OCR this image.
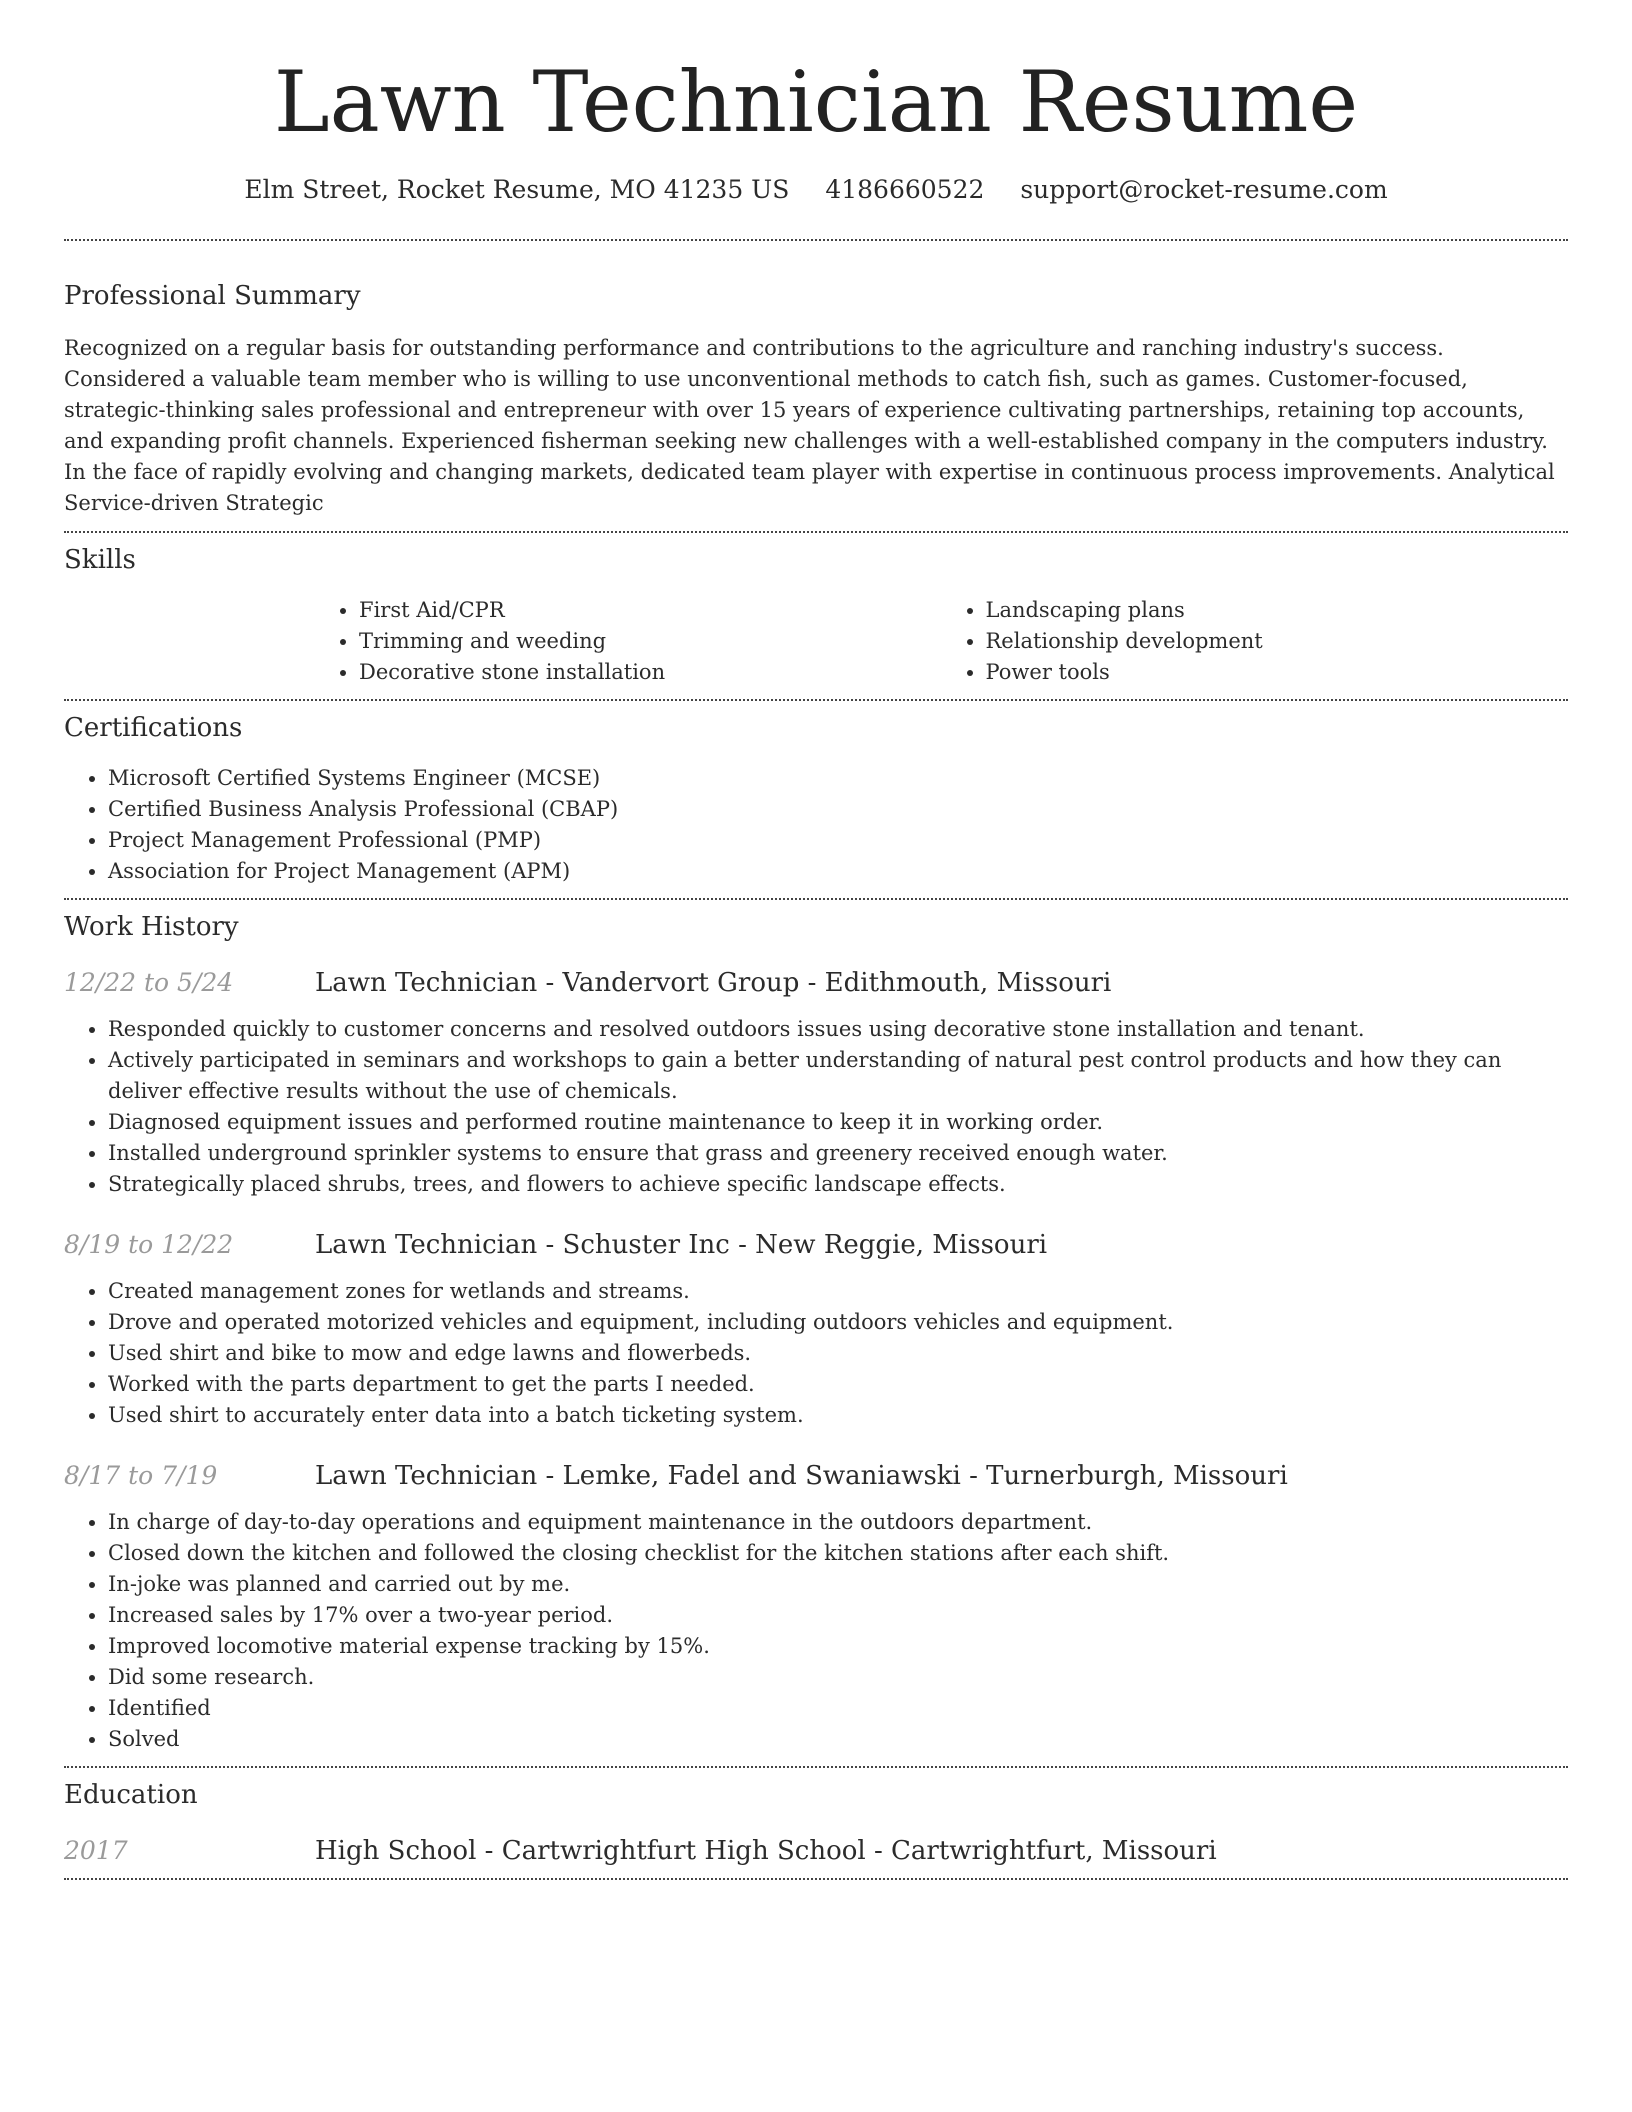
Lawn Technician Resume
Elm Street, Rocket Resume, MO 41235 US 4186660522 support@rocket-resume.com
Professional Summary

Recognized on a regular basis for outstanding performance and contributions to the agriculture and ranching industry's success. Considered a valuable team member who is willing to use unconventional methods to catch fish, such as games. Customer-focused, strategic-thinking sales professional and entrepreneur with over 15 years of experience cultivating partnerships, retaining top accounts, and expanding profit channels. Experienced fisherman seeking new challenges with a well-established company in the computers industry. In the face of rapidly evolving and changing markets, dedicated team player with expertise in continuous process improvements. Analytical Service-driven Strategic

Skills
• First Aid/CPR
• Trimming and weeding
• Decorative stone installation
• Landscaping plans
• Relationship development
• Power tools
Certifications
• Microsoft Certified Systems Engineer (MCSE)
• Certified Business Analysis Professional (CBAP)
• Project Management Professional (PMP)
• Association for Project Management (APM)
Work History
12/22 to 5/24	Lawn Technician - Vandervort Group - Edithmouth, Missouri
• Responded quickly to customer concerns and resolved outdoors issues using decorative stone installation and tenant.
• Actively participated in seminars and workshops to gain a better understanding of natural pest control products and how they can deliver effective results without the use of chemicals.
• Diagnosed equipment issues and performed routine maintenance to keep it in working order.
• Installed underground sprinkler systems to ensure that grass and greenery received enough water.
• Strategically placed shrubs, trees, and flowers to achieve specific landscape effects.
8/19 to 12/22	Lawn Technician - Schuster Inc - New Reggie, Missouri
• Created management zones for wetlands and streams.
• Drove and operated motorized vehicles and equipment, including outdoors vehicles and equipment.
• Used shirt and bike to mow and edge lawns and flowerbeds.
• Worked with the parts department to get the parts I needed.
• Used shirt to accurately enter data into a batch ticketing system.
8/17 to 7/19	Lawn Technician - Lemke, Fadel and Swaniawski - Turnerburgh, Missouri
• In charge of day-to-day operations and equipment maintenance in the outdoors department.
• Closed down the kitchen and followed the closing checklist for the kitchen stations after each shift.
• In-joke was planned and carried out by me.
• Increased sales by 17% over a two-year period.
• Improved locomotive material expense tracking by 15%.
• Did some research.
• Identified
• Solved
Education
2017	High School - Cartwrightfurt High School - Cartwrightfurt, Missouri
